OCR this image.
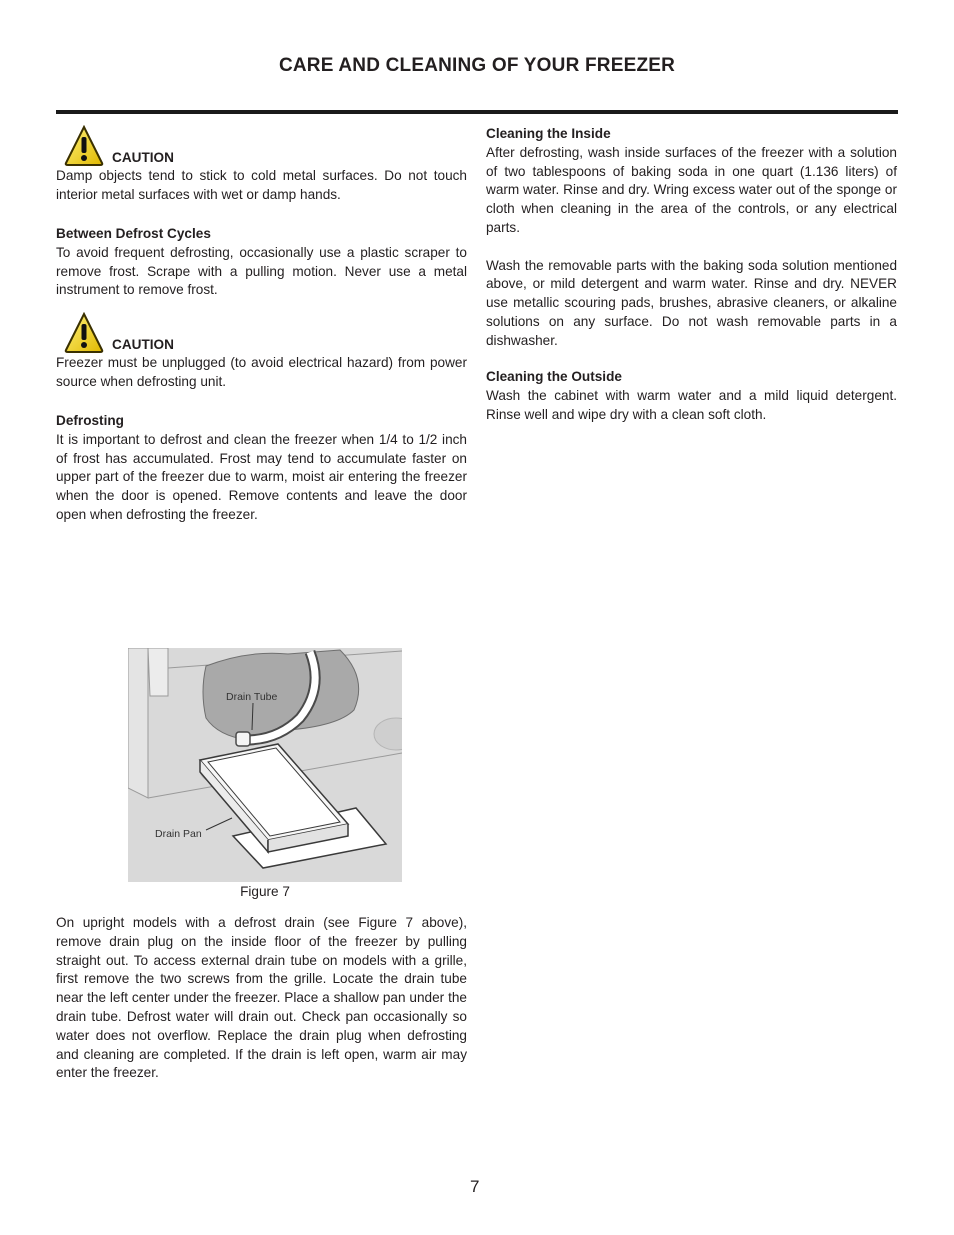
CARE AND CLEANING OF YOUR FREEZER
CAUTION

Damp objects tend to stick to cold metal surfaces. Do not touch interior metal surfaces with wet or damp hands.

Between Defrost Cycles

To avoid frequent defrosting, occasionally use a plastic scraper to remove frost. Scrape with a pulling motion. Never use a metal instrument to remove frost.

CAUTION

Freezer must be unplugged (to avoid electrical hazard) from power source when defrosting unit.

Defrosting

It is important to defrost and clean the freezer when 1/4 to 1/2 inch of frost has accumulated. Frost may tend to accumulate faster on upper part of the freezer due to warm, moist air entering the freezer when the door is opened. Remove contents and leave the door open when defrosting the freezer.

Drain Tube
Drain Pan
Figure 7

On upright models with a defrost drain (see Figure 7 above), remove drain plug on the inside floor of the freezer by pulling straight out. To access external drain tube on models with a grille, first remove the two screws from the grille. Locate the drain tube near the left center under the freezer. Place a shallow pan under the drain tube. Defrost water will drain out. Check pan occasionally so water does not overflow. Replace the drain plug when defrosting and cleaning are completed. If the drain is left open, warm air may enter the freezer.

Cleaning the Inside

After defrosting, wash inside surfaces of the freezer with a solution of two tablespoons of baking soda in one quart (1.136 liters) of warm water. Rinse and dry. Wring excess water out of the sponge or cloth when cleaning in the area of the controls, or any electrical parts.

Wash the removable parts with the baking soda solution mentioned above, or mild detergent and warm water. Rinse and dry. NEVER use metallic scouring pads, brushes, abrasive cleaners, or alkaline solutions on any surface. Do not wash removable parts in a dishwasher.

Cleaning the Outside

Wash the cabinet with warm water and a mild liquid detergent. Rinse well and wipe dry with a clean soft cloth.

7
